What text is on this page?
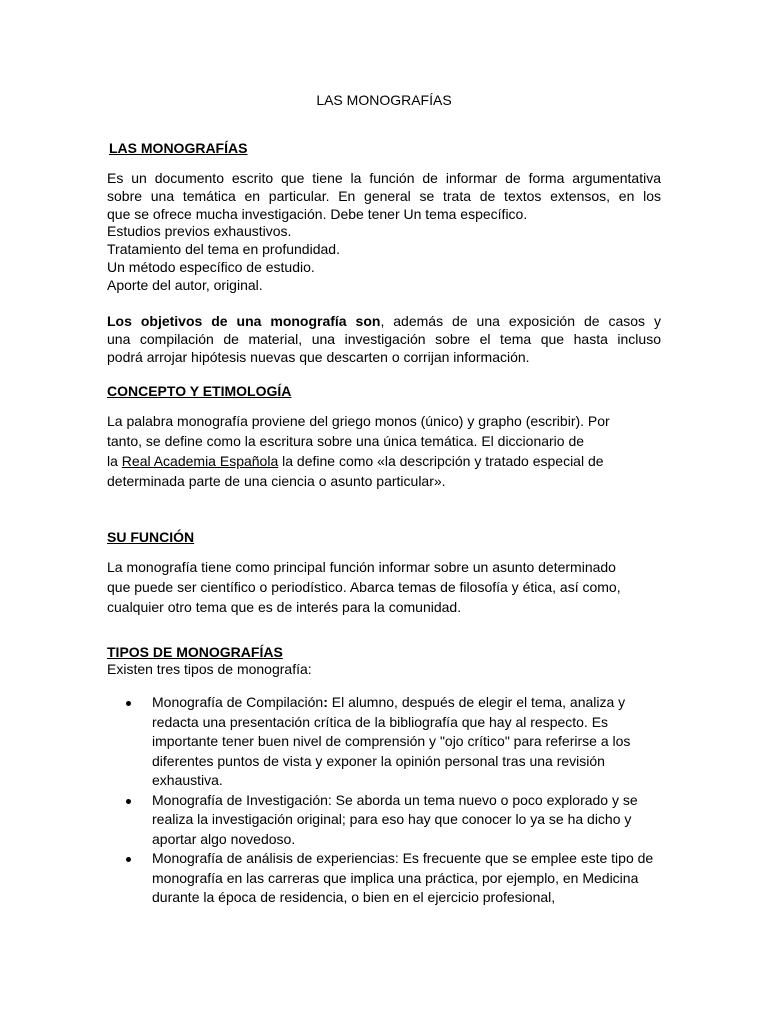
LAS MONOGRAFÍAS
LAS MONOGRAFÍAS
Es un documento escrito que tiene la función de informar de forma argumentativa
sobre una temática en particular. En general se trata de textos extensos, en los
que se ofrece mucha investigación. Debe tener Un tema específico.
Estudios previos exhaustivos.
Tratamiento del tema en profundidad.
Un método específico de estudio.
Aporte del autor, original.
Los objetivos de una monografía son, además de una exposición de casos y
una compilación de material, una investigación sobre el tema que hasta incluso
podrá arrojar hipótesis nuevas que descarten o corrijan información.
CONCEPTO Y ETIMOLOGÍA
La palabra monografía proviene del griego monos (único) y grapho (escribir). Por
tanto, se define como la escritura sobre una única temática. El diccionario de
la Real Academia Española la define como «la descripción y tratado especial de
determinada parte de una ciencia o asunto particular».
SU FUNCIÓN
La monografía tiene como principal función informar sobre un asunto determinado
que puede ser científico o periodístico. Abarca temas de filosofía y ética, así como,
cualquier otro tema que es de interés para la comunidad.
TIPOS DE MONOGRAFÍAS
Existen tres tipos de monografía:
Monografía de Compilación: El alumno, después de elegir el tema, analiza y redacta una presentación crítica de la bibliografía que hay al respecto. Es importante tener buen nivel de comprensión y "ojo crítico" para referirse a los diferentes puntos de vista y exponer la opinión personal tras una revisión exhaustiva.
Monografía de Investigación: Se aborda un tema nuevo o poco explorado y se realiza la investigación original; para eso hay que conocer lo ya se ha dicho y aportar algo novedoso.
Monografía de análisis de experiencias: Es frecuente que se emplee este tipo de monografía en las carreras que implica una práctica, por ejemplo, en Medicina durante la época de residencia, o bien en el ejercicio profesional,
